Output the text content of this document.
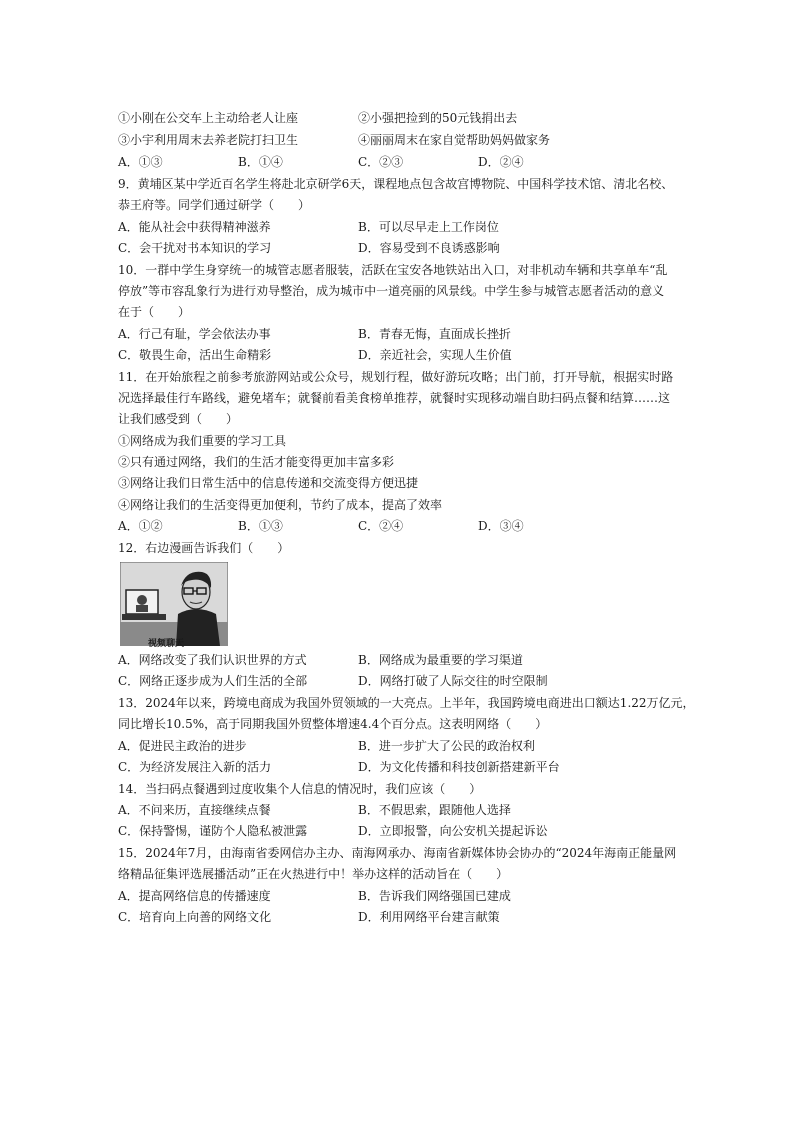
①小刚在公交车上主动给老人让座	②小强把捡到的50元钱捐出去
③小宇利用周末去养老院打扫卫生	④丽丽周末在家自觉帮助妈妈做家务
A．①③	B．①④	C．②③	D．②④
9．黄埔区某中学近百名学生将赴北京研学6天，课程地点包含故宫博物院、中国科学技术馆、清北名校、
恭王府等。同学们通过研学（　　）
A．能从社会中获得精神滋养	B．可以尽早走上工作岗位
C．会干扰对书本知识的学习	D．容易受到不良诱惑影响
10．一群中学生身穿统一的城管志愿者服装，活跃在宝安各地铁站出入口，对非机动车辆和共享单车“乱
停放”等市容乱象行为进行劝导整治，成为城市中一道亮丽的风景线。中学生参与城管志愿者活动的意义
在于（　　）
A．行己有耻，学会依法办事	B．青春无悔，直面成长挫折
C．敬畏生命，活出生命精彩	D．亲近社会，实现人生价值
11．在开始旅程之前参考旅游网站或公众号，规划行程，做好游玩攻略；出门前，打开导航，根据实时路
况选择最佳行车路线，避免堵车；就餐前看美食榜单推荐，就餐时实现移动端自助扫码点餐和结算……这
让我们感受到（　　）
①网络成为我们重要的学习工具
②只有通过网络，我们的生活才能变得更加丰富多彩
③网络让我们日常生活中的信息传递和交流变得方便迅捷
④网络让我们的生活变得更加便利，节约了成本，提高了效率
A．①②	B．①③	C．②④	D．③④
12．右边漫画告诉我们（　　）
视频聊天
A．网络改变了我们认识世界的方式	B．网络成为最重要的学习渠道
C．网络正逐步成为人们生活的全部	D．网络打破了人际交往的时空限制
13．2024年以来，跨境电商成为我国外贸领域的一大亮点。上半年，我国跨境电商进出口额达1.22万亿元，
同比增长10.5%，高于同期我国外贸整体增速4.4个百分点。这表明网络（　　）
A．促进民主政治的进步	B．进一步扩大了公民的政治权利
C．为经济发展注入新的活力	D．为文化传播和科技创新搭建新平台
14．当扫码点餐遇到过度收集个人信息的情况时，我们应该（　　）
A．不问来历，直接继续点餐	B．不假思索，跟随他人选择
C．保持警惕，谨防个人隐私被泄露	D．立即报警，向公安机关提起诉讼
15．2024年7月，由海南省委网信办主办、南海网承办、海南省新媒体协会协办的“2024年海南正能量网
络精品征集评选展播活动”正在火热进行中！举办这样的活动旨在（　　）
A．提高网络信息的传播速度	B．告诉我们网络强国已建成
C．培育向上向善的网络文化	D．利用网络平台建言献策
